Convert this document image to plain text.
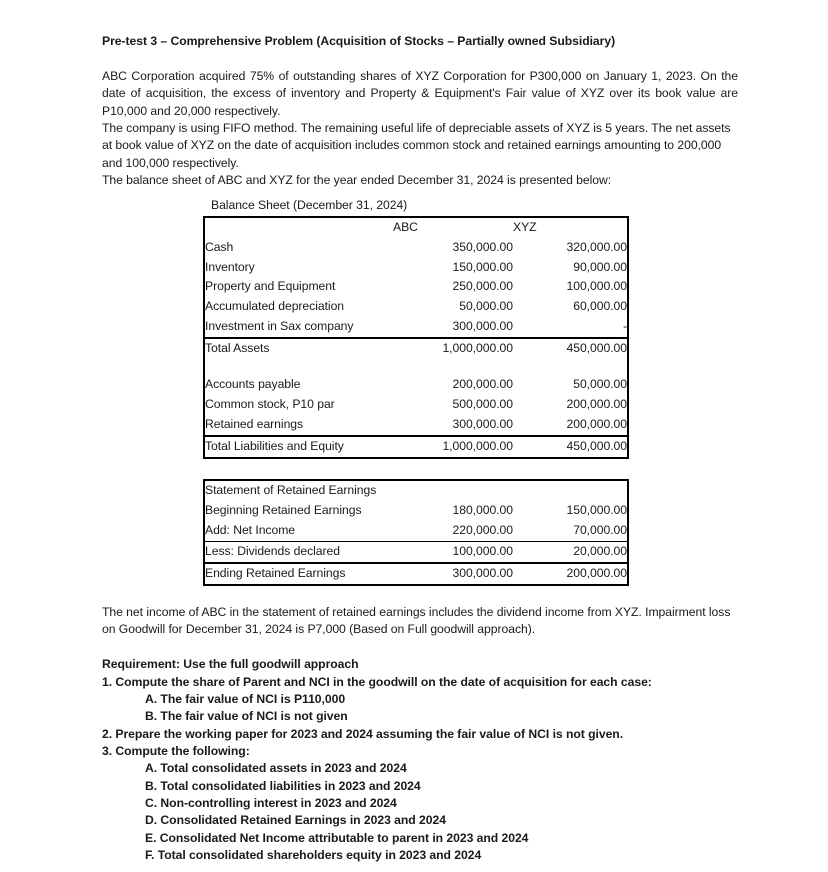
Pre-test 3 – Comprehensive Problem (Acquisition of Stocks – Partially owned Subsidiary)

ABC Corporation acquired 75% of outstanding shares of XYZ Corporation for P300,000 on January 1, 2023. On the date of acquisition, the excess of inventory and Property & Equipment's Fair value of XYZ over its book value are P10,000 and 20,000 respectively.

The company is using FIFO method. The remaining useful life of depreciable assets of XYZ is 5 years. The net assets at book value of XYZ on the date of acquisition includes common stock and retained earnings amounting to 200,000 and 100,000 respectively.

The balance sheet of ABC and XYZ for the year ended December 31, 2024 is presented below:

Balance Sheet (December 31, 2024)
	ABC	XYZ
Cash	350,000.00	320,000.00
Inventory	150,000.00	90,000.00
Property and Equipment	250,000.00	100,000.00
Accumulated depreciation	50,000.00	60,000.00
Investment in Sax company	300,000.00	-
Total Assets	1,000,000.00	450,000.00

Accounts payable	200,000.00	50,000.00
Common stock, P10 par	500,000.00	200,000.00
Retained earnings	300,000.00	200,000.00
Total Liabilities and Equity	1,000,000.00	450,000.00
Statement of Retained Earnings		
Beginning Retained Earnings	180,000.00	150,000.00
Add: Net Income	220,000.00	70,000.00
Less: Dividends declared	100,000.00	20,000.00
Ending Retained Earnings	300,000.00	200,000.00

The net income of ABC in the statement of retained earnings includes the dividend income from XYZ. Impairment loss on Goodwill for December 31, 2024 is P7,000 (Based on Full goodwill approach).

Requirement: Use the full goodwill approach
1. Compute the share of Parent and NCI in the goodwill on the date of acquisition for each case:
A. The fair value of NCI is P110,000
B. The fair value of NCI is not given
2. Prepare the working paper for 2023 and 2024 assuming the fair value of NCI is not given.
3. Compute the following:
A. Total consolidated assets in 2023 and 2024
B. Total consolidated liabilities in 2023 and 2024
C. Non-controlling interest in 2023 and 2024
D. Consolidated Retained Earnings in 2023 and 2024
E. Consolidated Net Income attributable to parent in 2023 and 2024
F. Total consolidated shareholders equity in 2023 and 2024
